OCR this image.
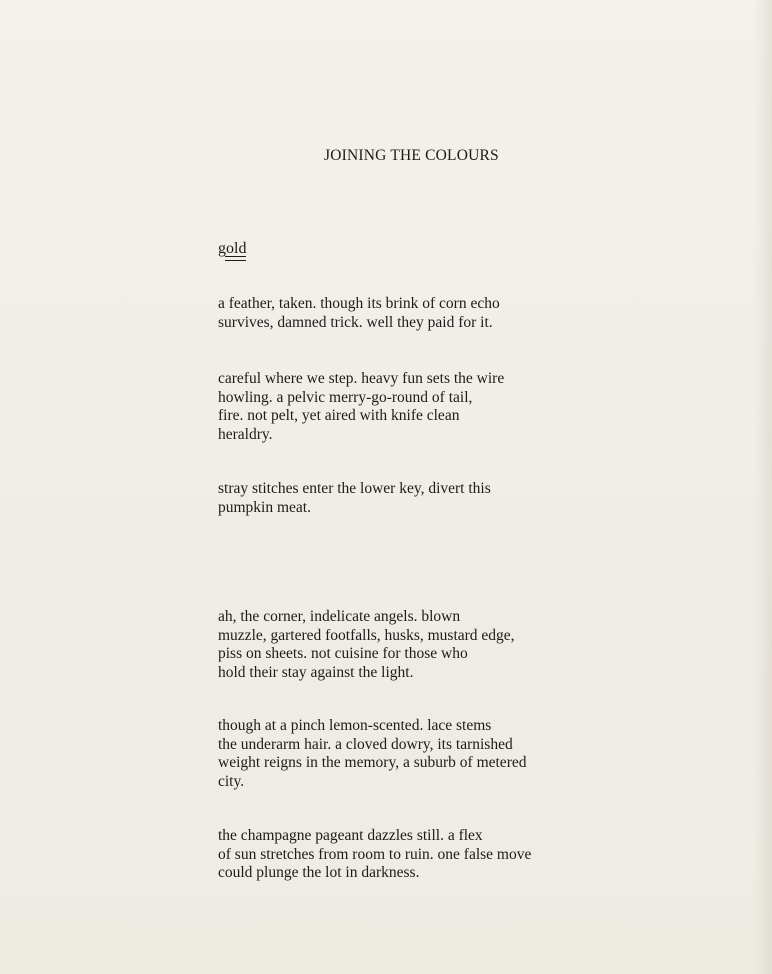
JOINING THE COLOURS
gold

a feather, taken. though its brink of corn echo
survives, damned trick. well they paid for it.

careful where we step. heavy fun sets the wire
howling. a pelvic merry-go-round of tail,
fire. not pelt, yet aired with knife clean
heraldry.

stray stitches enter the lower key, divert this
pumpkin meat.

ah, the corner, indelicate angels. blown
muzzle, gartered footfalls, husks, mustard edge,
piss on sheets. not cuisine for those who
hold their stay against the light.

though at a pinch lemon-scented. lace stems
the underarm hair. a cloved dowry, its tarnished
weight reigns in the memory, a suburb of metered
city.

the champagne pageant dazzles still. a flex
of sun stretches from room to ruin. one false move
could plunge the lot in darkness.
